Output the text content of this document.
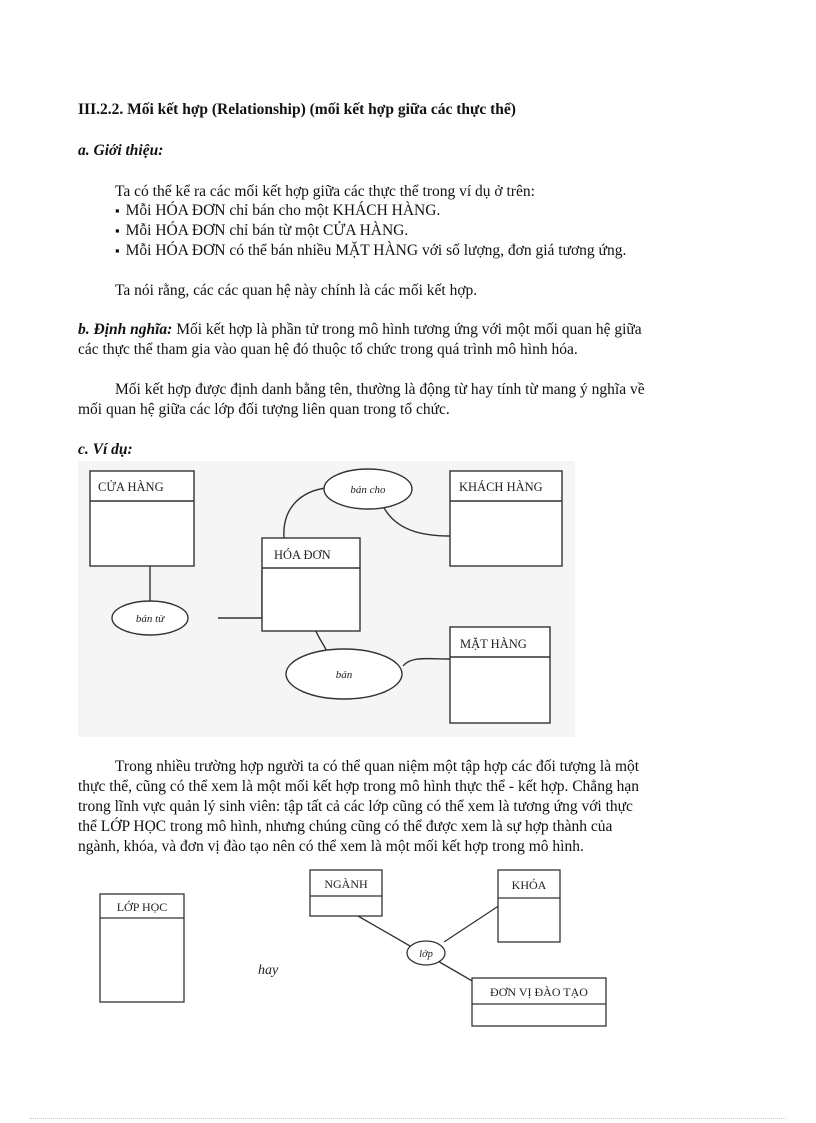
III.2.2. Mối kết hợp (Relationship) (mối kết hợp giữa các thực thể)
a. Giới thiệu:
Ta có thể kể ra các mối kết hợp giữa các thực thể trong ví dụ ở trên:
▪ Mỗi HÓA ĐƠN chỉ bán cho một KHÁCH HÀNG.
▪ Mỗi HÓA ĐƠN chỉ bán từ một CỬA HÀNG.
▪ Mỗi HÓA ĐƠN có thể bán nhiều MẶT HÀNG với số lượng, đơn giá tương ứng.
Ta nói rằng, các các quan hệ này chính là các mối kết hợp.
b. Định nghĩa: Mối kết hợp là phần tử trong mô hình tương ứng với một mối quan hệ giữa
các thực thể tham gia vào quan hệ đó thuộc tổ chức trong quá trình mô hình hóa.
Mối kết hợp được định danh bằng tên, thường là động từ hay tính từ mang ý nghĩa về
mối quan hệ giữa các lớp đối tượng liên quan trong tổ chức.
c. Ví dụ:
CỬA HÀNG	KHÁCH HÀNG
HÓA ĐƠN
MẶT HÀNG
bán cho
bán từ
bán
Trong nhiều trường hợp người ta có thể quan niệm một tập hợp các đối tượng là một
thực thể, cũng có thể xem là một mối kết hợp trong mô hình thực thể - kết hợp. Chẳng hạn
trong lĩnh vực quản lý sinh viên: tập tất cả các lớp cũng có thể xem là tương ứng với thực
thể LỚP HỌC trong mô hình, nhưng chúng cũng có thể được xem là sự hợp thành của
ngành, khóa, và đơn vị đào tạo nên có thể xem là một mối kết hợp trong mô hình.
LỚP HỌC
hay
NGÀNH	KHÓA
lớp
ĐƠN VỊ ĐÀO TẠO
